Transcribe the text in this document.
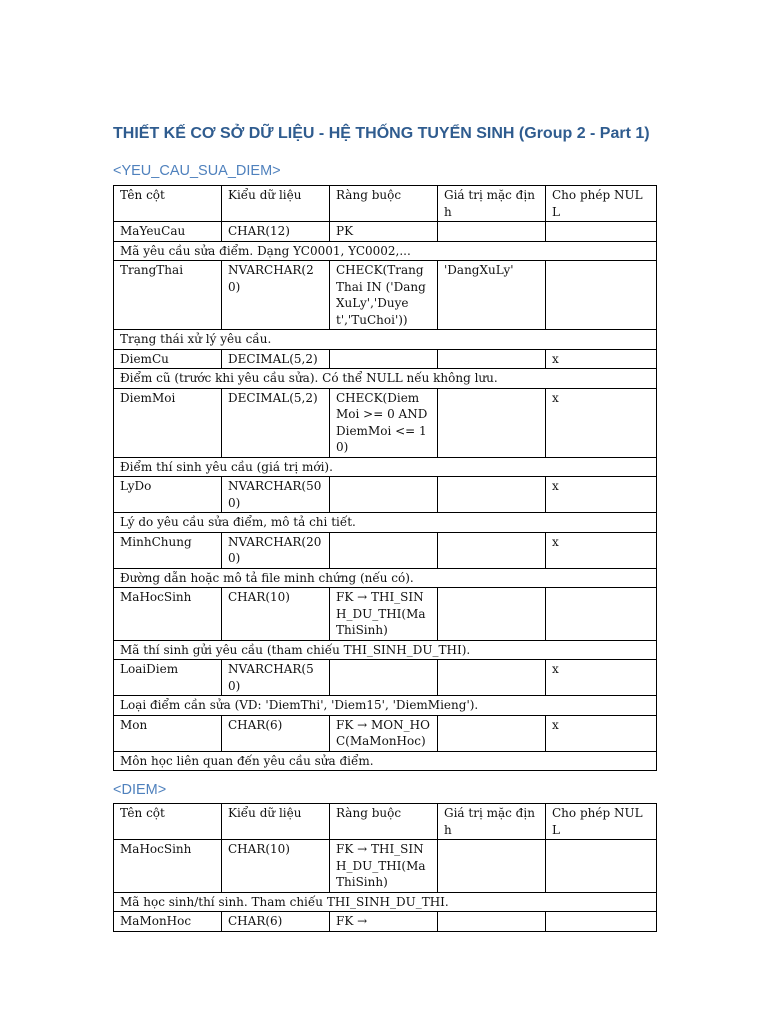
THIẾT KẾ CƠ SỞ DỮ LIỆU - HỆ THỐNG TUYỂN SINH (Group 2 - Part 1)
<YEU_CAU_SUA_DIEM>
Tên cột	Kiểu dữ liệu	Ràng buộc	Giá trị mặc định	Cho phép NULL
MaYeuCau	CHAR(12)	PK		
Mã yêu cầu sửa điểm. Dạng YC0001, YC0002,...				
TrangThai	NVARCHAR(20)	CHECK(TrangThai IN ('DangXuLy','Duyet','TuChoi'))	'DangXuLy'	
Trạng thái xử lý yêu cầu.				
DiemCu	DECIMAL(5,2)			x
Điểm cũ (trước khi yêu cầu sửa). Có thể NULL nếu không lưu.				
DiemMoi	DECIMAL(5,2)	CHECK(DiemMoi >= 0 AND DiemMoi <= 10)		x
Điểm thí sinh yêu cầu (giá trị mới).				
LyDo	NVARCHAR(500)			x
Lý do yêu cầu sửa điểm, mô tả chi tiết.				
MinhChung	NVARCHAR(200)			x
Đường dẫn hoặc mô tả file minh chứng (nếu có).				
MaHocSinh	CHAR(10)	FK → THI_SINH_DU_THI(MaThiSinh)		
Mã thí sinh gửi yêu cầu (tham chiếu THI_SINH_DU_THI).				
LoaiDiem	NVARCHAR(50)			x
Loại điểm cần sửa (VD: 'DiemThi', 'Diem15', 'DiemMieng').				
Mon	CHAR(6)	FK → MON_HOC(MaMonHoc)		x
Môn học liên quan đến yêu cầu sửa điểm.				
<DIEM>
Tên cột	Kiểu dữ liệu	Ràng buộc	Giá trị mặc định	Cho phép NULL
MaHocSinh	CHAR(10)	FK → THI_SINH_DU_THI(MaThiSinh)		
Mã học sinh/thí sinh. Tham chiếu THI_SINH_DU_THI.				
MaMonHoc	CHAR(6)	FK →		
